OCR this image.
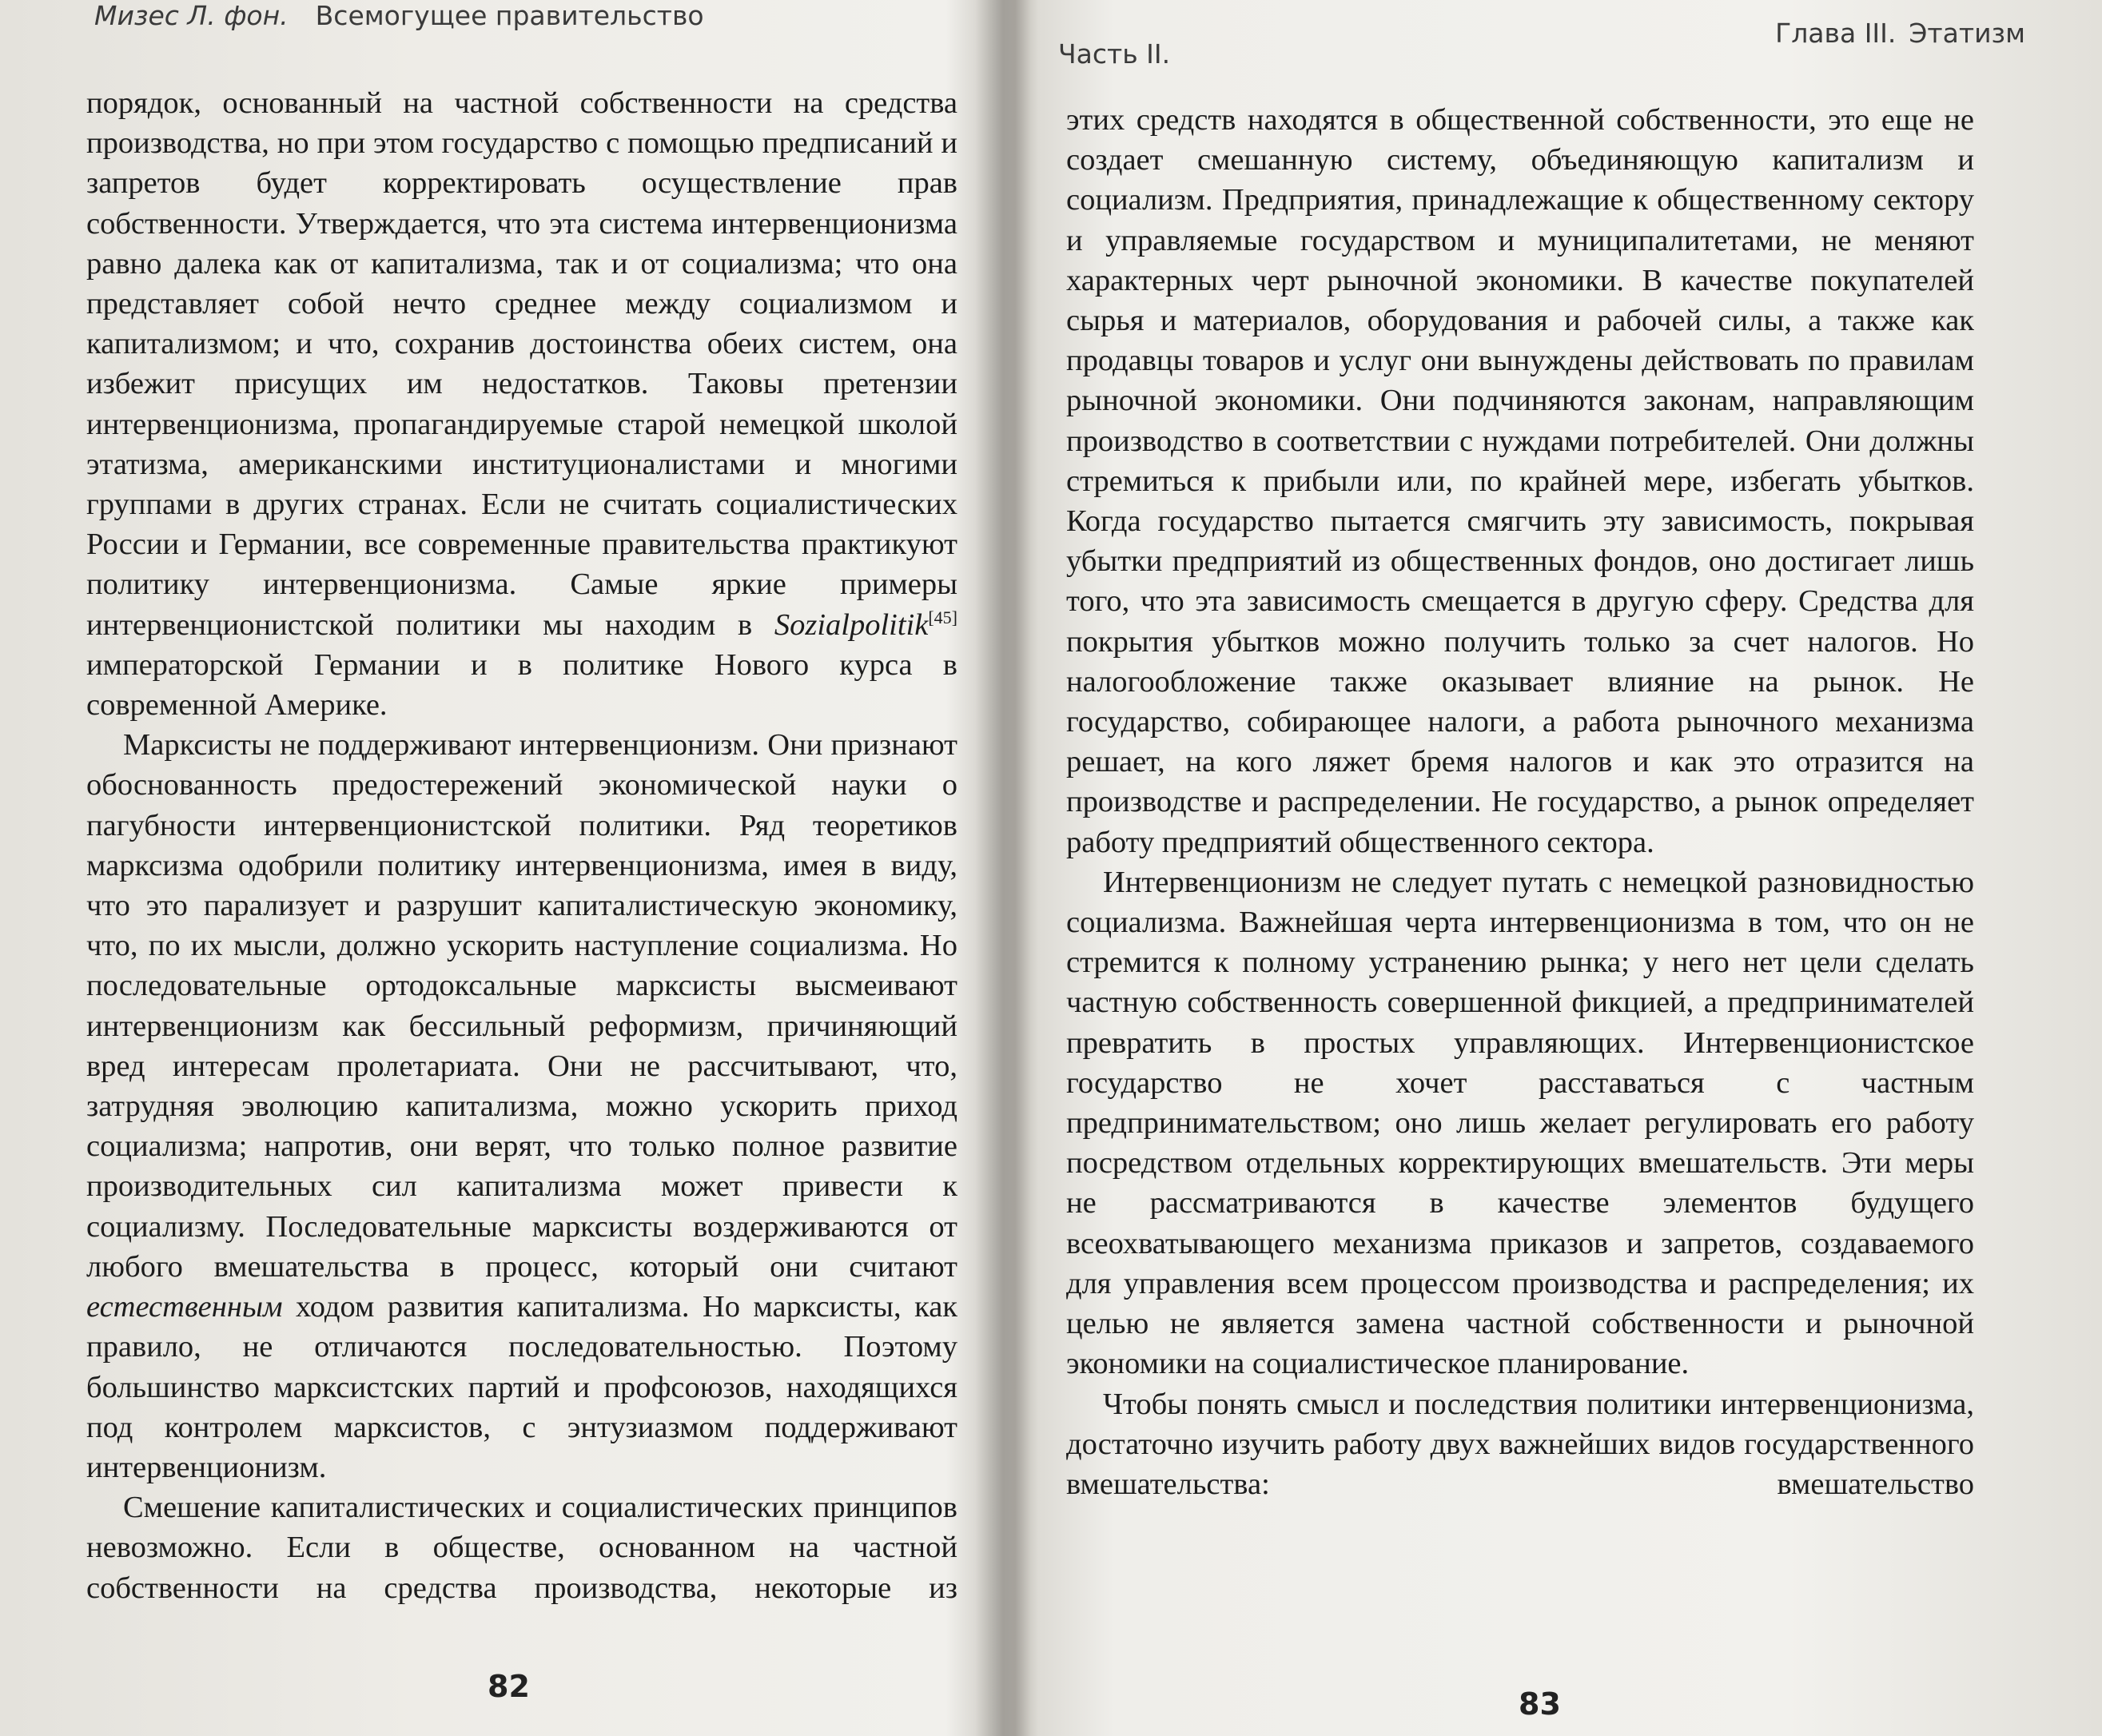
Мизес Л. фон. Всемогущее правительство

порядок, основанный на частной собственности на средства производства, но при этом государство с помощью предписаний и запретов будет корректировать осуществление прав собственности. Утверждается, что эта система интервенционизма равно далека как от капитализма, так и от социализма; что она представляет собой нечто среднее между социализмом и капитализмом; и что, сохранив достоинства обеих систем, она избежит присущих им недостатков. Таковы претензии интервенционизма, пропагандируемые старой немецкой школой этатизма, американскими институционалистами и многими группами в других странах. Если не считать социалистических России и Германии, все современные правительства практикуют политику интервенционизма. Самые яркие примеры интервенционистской политики мы находим в Sozialpolitik[45] императорской Германии и в политике Нового курса в современной Америке.

Марксисты не поддерживают интервенционизм. Они признают обоснованность предостережений экономической науки о пагубности интервенционистской политики. Ряд теоретиков марксизма одобрили политику интервенционизма, имея в виду, что это парализует и разрушит капиталистическую экономику, что, по их мысли, должно ускорить наступление социализма. Но последовательные ортодоксальные марксисты высмеивают интервенционизм как бессильный реформизм, причиняющий вред интересам пролетариата. Они не рассчитывают, что, затрудняя эволюцию капитализма, можно ускорить приход социализма; напротив, они верят, что только полное развитие производительных сил капитализма может привести к социализму. Последовательные марксисты воздерживаются от любого вмешательства в процесс, который они считают естественным ходом развития капитализма. Но марксисты, как правило, не отличаются последовательностью. Поэтому большинство марксистских партий и профсоюзов, находящихся под контролем марксистов, с энтузиазмом поддерживают интервенционизм.

Смешение капиталистических и социалистических принципов невозможно. Если в обществе, основанном на частной собственности на средства производства, некоторые из

82
Часть II.
Глава III. Этатизм

этих средств находятся в общественной собственности, это еще не создает смешанную систему, объединяющую капитализм и социализм. Предприятия, принадлежащие к общественному сектору и управляемые государством и муниципалитетами, не меняют характерных черт рыночной экономики. В качестве покупателей сырья и материалов, оборудования и рабочей силы, а также как продавцы товаров и услуг они вынуждены действовать по правилам рыночной экономики. Они подчиняются законам, направляющим производство в соответствии с нуждами потребителей. Они должны стремиться к прибыли или, по крайней мере, избегать убытков. Когда государство пытается смягчить эту зависимость, покрывая убытки предприятий из общественных фондов, оно достигает лишь того, что эта зависимость смещается в другую сферу. Средства для покрытия убытков можно получить только за счет налогов. Но налогообложение также оказывает влияние на рынок. Не государство, собирающее налоги, а работа рыночного механизма решает, на кого ляжет бремя налогов и как это отразится на производстве и распределении. Не государство, а рынок определяет работу предприятий общественного сектора.

Интервенционизм не следует путать с немецкой разновидностью социализма. Важнейшая черта интервенционизма в том, что он не стремится к полному устранению рынка; у него нет цели сделать частную собственность совершенной фикцией, а предпринимателей превратить в простых управляющих. Интервенционистское государство не хочет расставаться с частным предпринимательством; оно лишь желает регулировать его работу посредством отдельных корректирующих вмешательств. Эти меры не рассматриваются в качестве элементов будущего всеохватывающего механизма приказов и запретов, создаваемого для управления всем процессом производства и распределения; их целью не является замена частной собственности и рыночной экономики на социалистическое планирование.

Чтобы понять смысл и последствия политики интервенционизма, достаточно изучить работу двух важнейших видов государственного вмешательства: вмешательство

83
